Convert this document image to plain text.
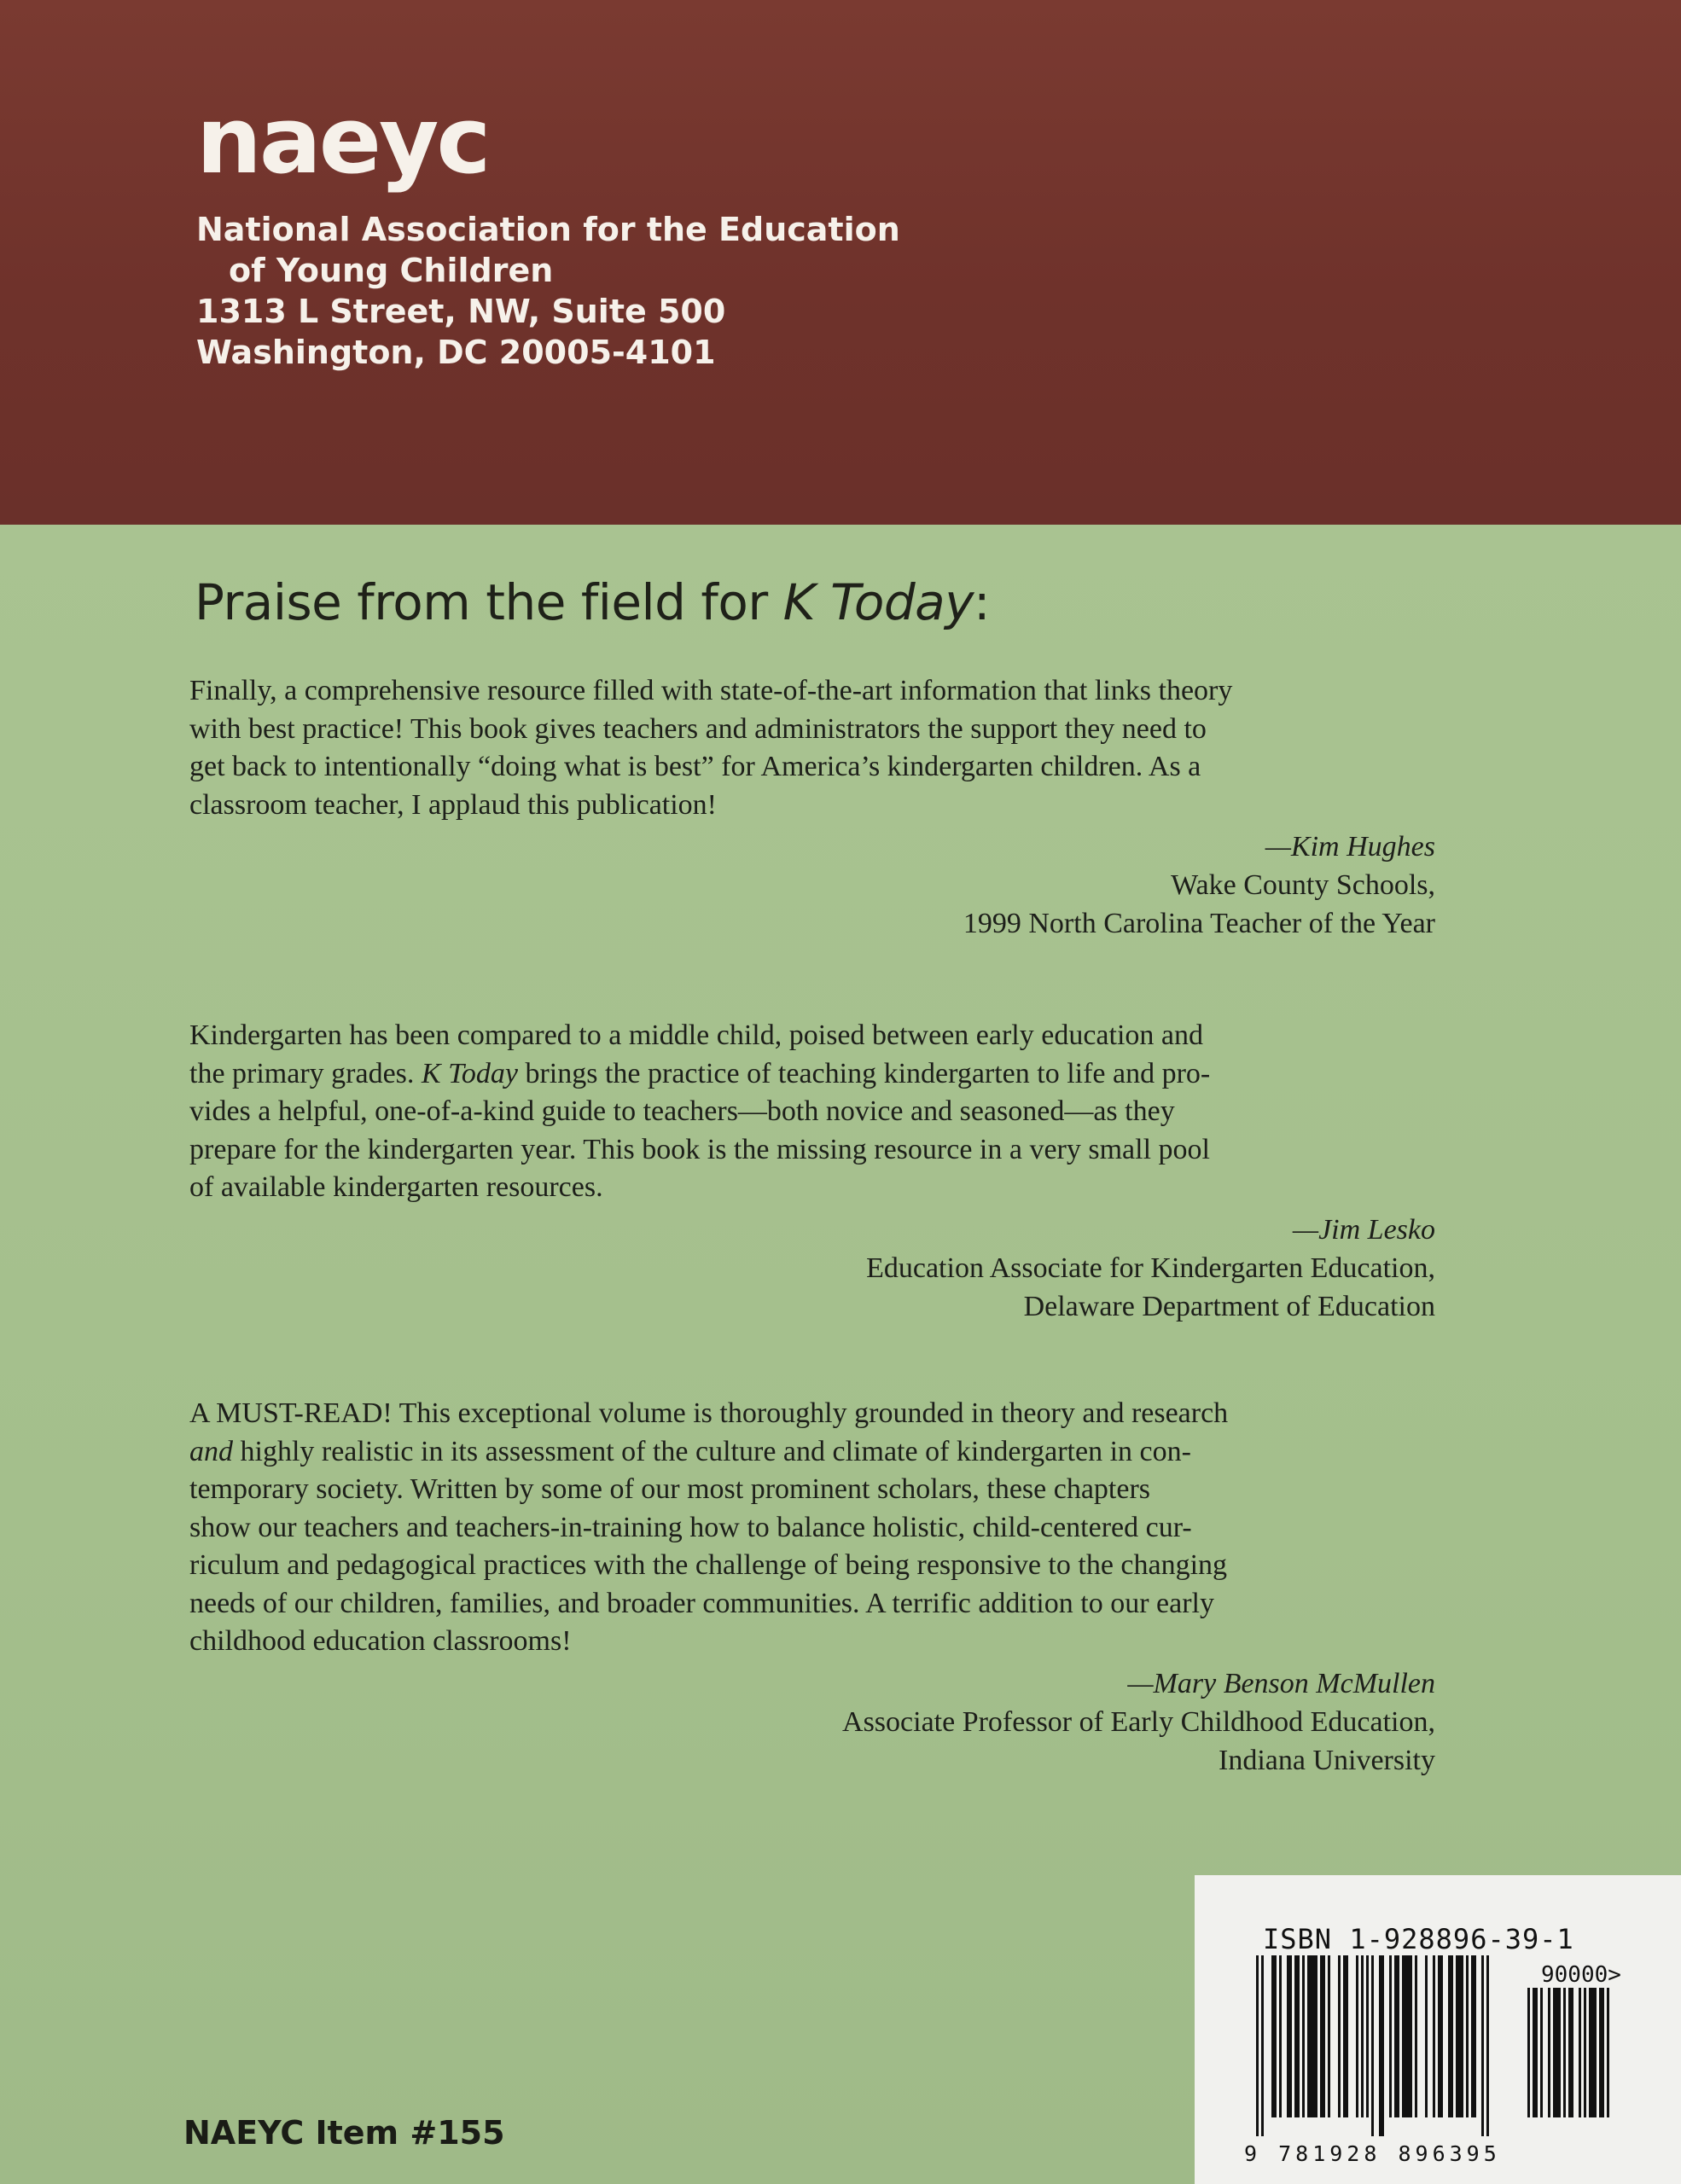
naeyc
National Association for the Education
of Young Children
1313 L Street, NW, Suite 500
Washington, DC 20005-4101
Praise from the field for K Today:

Finally, a comprehensive resource filled with state-of-the-art information that links theory

with best practice! This book gives teachers and administrators the support they need to

get back to intentionally “doing what is best” for America’s kindergarten children. As a

classroom teacher, I applaud this publication!

—Kim Hughes
Wake County Schools,
1999 North Carolina Teacher of the Year

Kindergarten has been compared to a middle child, poised between early education and

the primary grades. K Today brings the practice of teaching kindergarten to life and pro-

vides a helpful, one-of-a-kind guide to teachers—both novice and seasoned—as they

prepare for the kindergarten year. This book is the missing resource in a very small pool

of available kindergarten resources.

—Jim Lesko
Education Associate for Kindergarten Education,
Delaware Department of Education

A MUST-READ! This exceptional volume is thoroughly grounded in theory and research

and highly realistic in its assessment of the culture and climate of kindergarten in con-

temporary society. Written by some of our most prominent scholars, these chapters

show our teachers and teachers-in-training how to balance holistic, child-centered cur-

riculum and pedagogical practices with the challenge of being responsive to the changing

needs of our children, families, and broader communities. A terrific addition to our early

childhood education classrooms!

—Mary Benson McMullen
Associate Professor of Early Childhood Education,
Indiana University
NAEYC Item #155
ISBN 1-928896-39-1
90000>
9 781928 896395
